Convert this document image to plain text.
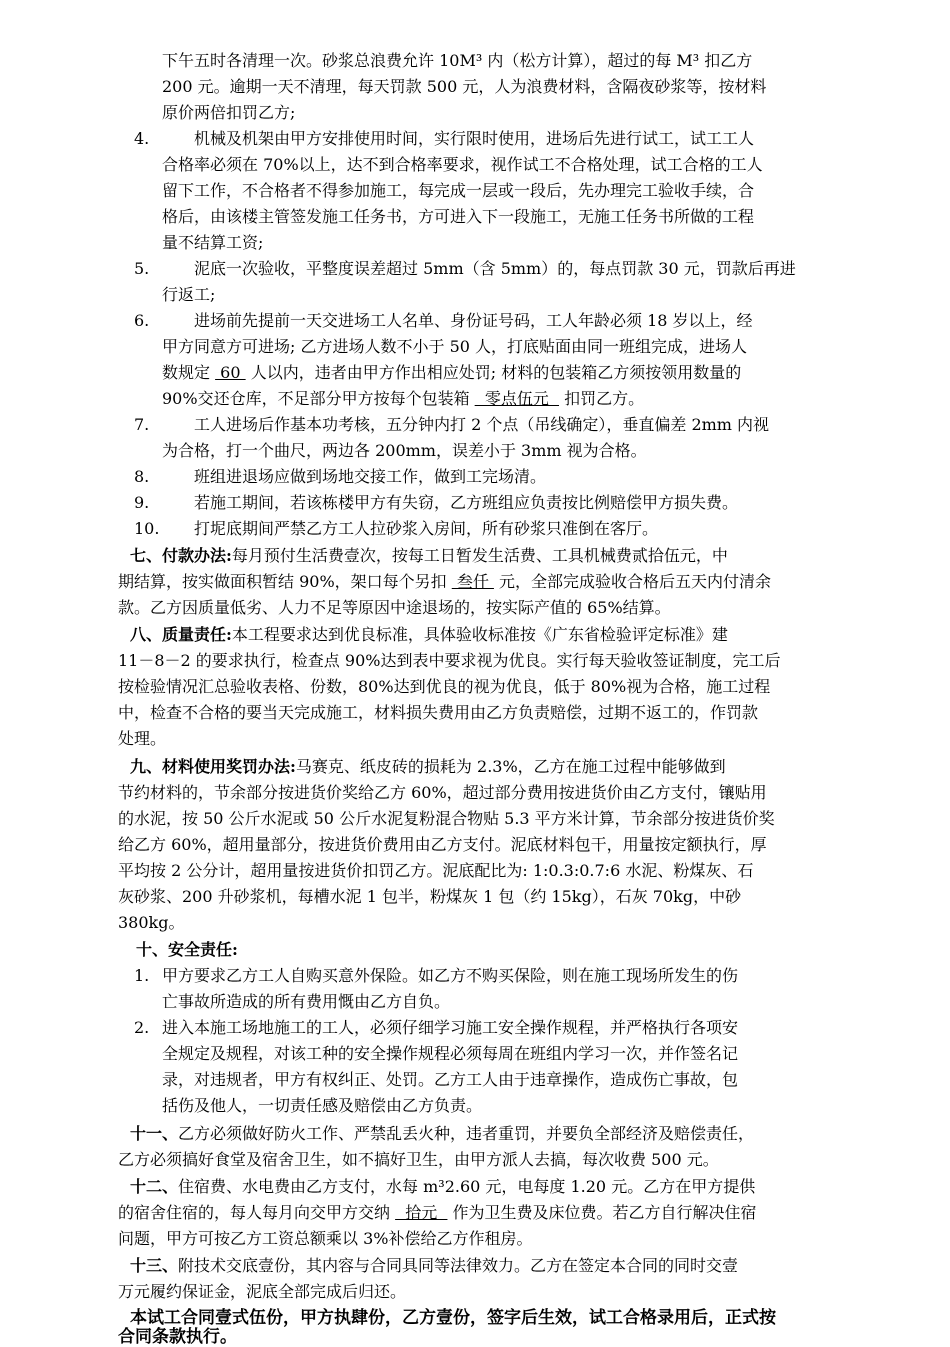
下午五时各清理一次。砂浆总浪费允许 10M³ 内（松方计算），超过的每 M³ 扣乙方
200 元。逾期一天不清理，每天罚款 500 元，人为浪费材料，含隔夜砂浆等，按材料
原价两倍扣罚乙方;
4.	机械及机架由甲方安排使用时间，实行限时使用，进场后先进行试工，试工工人
合格率必须在 70%以上，达不到合格率要求，视作试工不合格处理，试工合格的工人
留下工作，不合格者不得参加施工，每完成一层或一段后，先办理完工验收手续，合
格后，由该楼主管签发施工任务书，方可进入下一段施工，无施工任务书所做的工程
量不结算工资;
5.	泥底一次验收，平整度误差超过 5mm（含 5mm）的，每点罚款 30 元，罚款后再进
行返工;
6.	进场前先提前一天交进场工人名单、身份证号码，工人年龄必须 18 岁以上，经
甲方同意方可进场; 乙方进场人数不小于 50 人，打底贴面由同一班组完成，进场人
数规定  60  人以内，违者由甲方作出相应处罚; 材料的包装箱乙方须按领用数量的
90%交还仓库，不足部分甲方按每个包装箱   零点伍元   扣罚乙方。
7.	工人进场后作基本功考核，五分钟内打 2 个点（吊线确定），垂直偏差 2mm 内视
为合格，打一个曲尺，两边各 200mm，误差小于 3mm 视为合格。
8.	班组进退场应做到场地交接工作，做到工完场清。
9.	若施工期间，若该栋楼甲方有失窃，乙方班组应负责按比例赔偿甲方损失费。
10. 打坭底期间严禁乙方工人拉砂浆入房间，所有砂浆只准倒在客厅。
七、付款办法:每月预付生活费壹次，按每工日暂发生活费、工具机械费贰拾伍元，中
期结算，按实做面积暂结 90%，架口每个另扣  叁仟  元，全部完成验收合格后五天内付清余
款。乙方因质量低劣、人力不足等原因中途退场的，按实际产值的 65%结算。
八、质量责任:本工程要求达到优良标准，具体验收标准按《广东省检验评定标准》建
11－8－2 的要求执行，检查点 90%达到表中要求视为优良。实行每天验收签证制度，完工后
按检验情况汇总验收表格、份数，80%达到优良的视为优良，低于 80%视为合格，施工过程
中，检查不合格的要当天完成施工，材料损失费用由乙方负责赔偿，过期不返工的，作罚款
处理。
九、材料使用奖罚办法:马赛克、纸皮砖的损耗为 2.3%，乙方在施工过程中能够做到
节约材料的，节余部分按进货价奖给乙方 60%，超过部分费用按进货价由乙方支付，镶贴用
的水泥，按 50 公斤水泥或 50 公斤水泥复粉混合物贴 5.3 平方米计算，节余部分按进货价奖
给乙方 60%，超用量部分，按进货价费用由乙方支付。泥底材料包干，用量按定额执行，厚
平均按 2 公分计，超用量按进货价扣罚乙方。泥底配比为: 1:0.3:0.7:6 水泥、粉煤灰、石
灰砂浆、200 升砂浆机，每槽水泥 1 包半，粉煤灰 1 包（约 15kg），石灰 70kg，中砂
380kg。
十、安全责任:
1. 甲方要求乙方工人自购买意外保险。如乙方不购买保险，则在施工现场所发生的伤
亡事故所造成的所有费用慨由乙方自负。
2. 进入本施工场地施工的工人，必须仔细学习施工安全操作规程，并严格执行各项安
全规定及规程，对该工种的安全操作规程必须每周在班组内学习一次，并作签名记
录，对违规者，甲方有权纠正、处罚。乙方工人由于违章操作，造成伤亡事故，包
括伤及他人，一切责任感及赔偿由乙方负责。
十一、乙方必须做好防火工作、严禁乱丢火种，违者重罚，并要负全部经济及赔偿责任，
乙方必须搞好食堂及宿舍卫生，如不搞好卫生，由甲方派人去搞，每次收费 500 元。
十二、住宿费、水电费由乙方支付，水每 m³2.60 元，电每度 1.20 元。乙方在甲方提供
的宿舍住宿的，每人每月向交甲方交纳   拾元   作为卫生费及床位费。若乙方自行解决住宿
问题，甲方可按乙方工资总额乘以 3%补偿给乙方作租房。
十三、附技术交底壹份，其内容与合同具同等法律效力。乙方在签定本合同的同时交壹
万元履约保证金，泥底全部完成后归还。
本试工合同壹式伍份，甲方执肆份，乙方壹份，签字后生效，试工合格录用后，正式按
合同条款执行。
